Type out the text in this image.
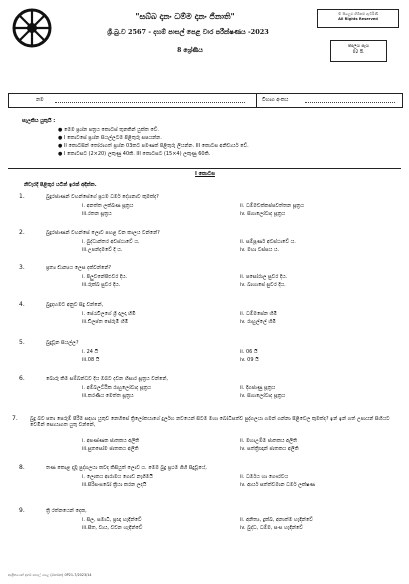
"සබ්බ දානං ධම්ම දානං ජිනාති"
ශ්‍රී.බු.ව 2567 - දහම් පාසල් පෙළ වාර පරීක්ෂණය -2023
8 ශ්‍රේණිය
© සියලුම හිමිකම් ඇවිරිණි
All Rights Reserved
කාලය පැය
02 යි.
නම	විභාග අංකය
සැලකිය යුතුයි :
● මෙම ප්‍රශ්න පත්‍රය කොටස් තුනකින් යුක්ත වේ.
● I කොටසේ ප්‍රශ්න සියල්ලටම පිළිතුරු සපයන්න.
● II කොටසින් තෝරාගත් ප්‍රශ්න 03කට පමණක් පිළිතුරු ලියන්න. III කොටස අනිවාර්ය වේ.
● I කොටසට (2×20) ලකුණු 40කි. III කොටසට (15×4) ලකුණු 60කි.
I කොටස
නිවැරදි පිළිතුර යටින් ඉරක් අඳින්න.
1.	බුදුරජාණන් වහන්සේගේ ප්‍රථම ධර්ම දේශනාව කුමක්ද?
i. අනත්ත ලක්ඛණ සූත්‍රය	ii. ධම්මචක්කප්පවත්තන සූත්‍රය
iii.රතන සූත්‍රය	iv. සිගාලෝවාද සූත්‍රය
2.	බුදුරජාණන් වහන්සේ ලොව පහළ වන කාලය වන්නේ?
i. බුද්ධාන්තර අවස්ථාවේ ය.	ii. සම්පූර්ණ අවස්ථාවේ ය.
iii.උපන්දමවේ දී ය.	iv. මහා වස්සය ය.
3.	ප්‍රත්‍ය ඞාන්‍යය ලෙස දක්වන්නේ?
i. පිලුවනේපිළුවර දිය.	ii. පසෝරාල සුවර දිය.
iii.රුක්ඛ සුවර දිය.	iv. බාහාසේ සුවර දිය.
4.	බුදුදහමට අනුව සිදු වන්නේ,
i. පේරැවිලගේ ශ්‍රී දාලදා හිමි	ii. ධම්මසේන හිමි
iii.ඩිලප්ත සේරුමි හිමි	iv. රාහුල්ලේ හිමි
5.	බුදුවූන සියල්ල?
i. 24 යි	ii. 06 යි
iii.08 යි	iv. 09 යි
6.	බොරු කිම සම්බන්ධව දිය ඔබට දවන හිසාර සූත්‍රය වන්නේ,
i. අම්බලට්ඨික රාහුලෝවාද සූත්‍රය	ii. දිගජාණු සූත්‍රය
iii.කරණිය මෙත්ත සූත්‍රය	iv. සිගාලෝවාද සූත්‍රය
7. බුදු බව පතා පෙරුම් පිරීම සඳහා යුතුව නෙහිසේ ත්‍රිලෝකයාගේ දුර්ලභ නවයෙන් සිටම මහා බෝධිසත්ව පුද්ගලයා ගමන් ගන්නා පිළිවෙල කුමක්ද? ඉන් ඉන් ගත් උපායන් සිහියට වෙමින් සොයාගත යුතු වන්නේ,
i. අපණ්ණක ජාතකය අලිති	ii. මහාඋම්ම ජාතකය අලිති
iii.සුතසෝම ජාතකය අලිති	iv. සත්ත්‍රිඥාන් ජාතකය අලිති
8.	තණ කොළ දැමූ පුද්ගලයා කවද කිසියුත් ලොව ය. මෙම බුදු ප්‍රථම ගිහි සිදුවූයේ,
i. ලොකය ආරාමය ගොඩ නැගිමයි	ii. ධර්මය හා ගෞරවය
iii.සිරිසංඝබෝ ක්‍රියා කරන ලදයි	iv. ආර්ය සත්ත්වමාන ධර්ම ලක්ෂණ
9.	ත්‍රි රත්නයෙන් දෙක,
i. සිල, සමාධි, ප්‍රඥා හැඳින්වේ	ii. අනිත්‍ය, දුක්ඛ, අනාත්ම හැඳින්වේ
iii.සීත, වාය, වචන හැඳින්වේ	iv. බුද්ධ, ධම්ම, සංඝ හැඳින්වේ
ආශ්‍රිතයෙන් දහම් පාසල් පෙළ (මකමක) 0P21-7/2023/14
